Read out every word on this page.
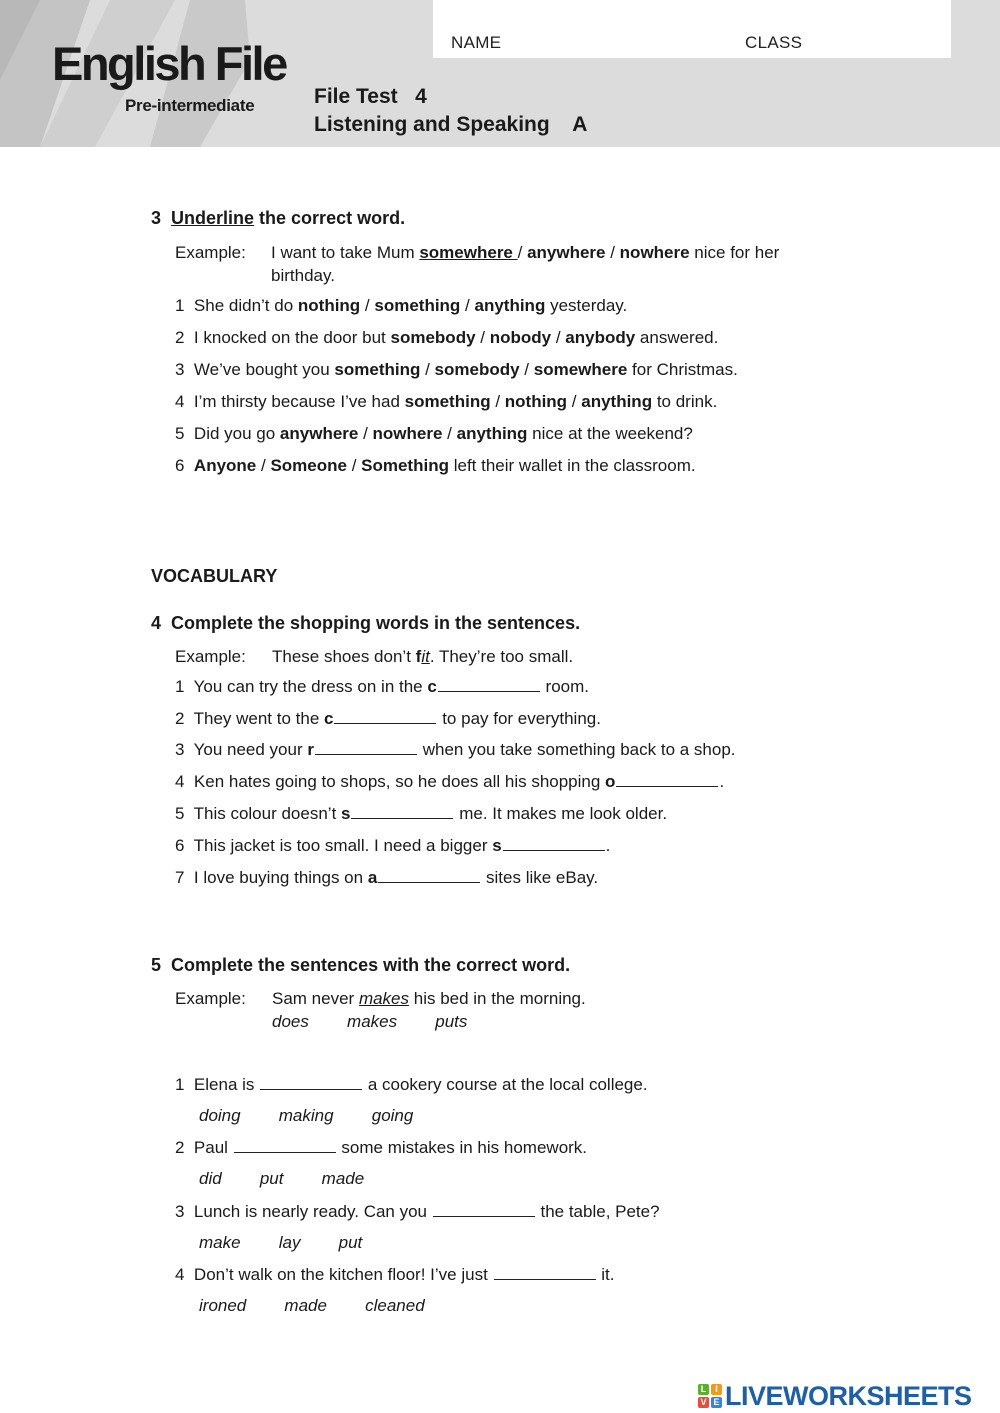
NAME	CLASS
English File
Pre-intermediate	File Test   4
Listening and Speaking    A
3 Underline the correct word.
Example: I want to take Mum somewhere / anywhere / nowhere nice for her
birthday.
1 She didn’t do nothing / something / anything yesterday.
2 I knocked on the door but somebody / nobody / anybody answered.
3 We’ve bought you something / somebody / somewhere for Christmas.
4 I’m thirsty because I’ve had something / nothing / anything to drink.
5 Did you go anywhere / nowhere / anything nice at the weekend?
6 Anyone / Someone / Something left their wallet in the classroom.
VOCABULARY
4 Complete the shopping words in the sentences.
Example: These shoes don’t fit. They’re too small.
1 You can try the dress on in the c	room.
2 They went to the c	to pay for everything.
3 You need your r	when you take something back to a shop.
4 Ken hates going to shops, so he does all his shopping o	.
5 This colour doesn’t s	me. It makes me look older.
6 This jacket is too small. I need a bigger s	.
7 I love buying things on a	sites like eBay.
5 Complete the sentences with the correct word.
Example: Sam never makes his bed in the morning.
does   makes   puts
1 Elena is	a cookery course at the local college.
doing   making   going
2 Paul	some mistakes in his homework.
did   put   made
3 Lunch is nearly ready. Can you	the table, Pete?
make   lay   put
4 Don’t walk on the kitchen floor! I’ve just	it.
ironed   made   cleaned
L I
V E LIVEWORKSHEETS
